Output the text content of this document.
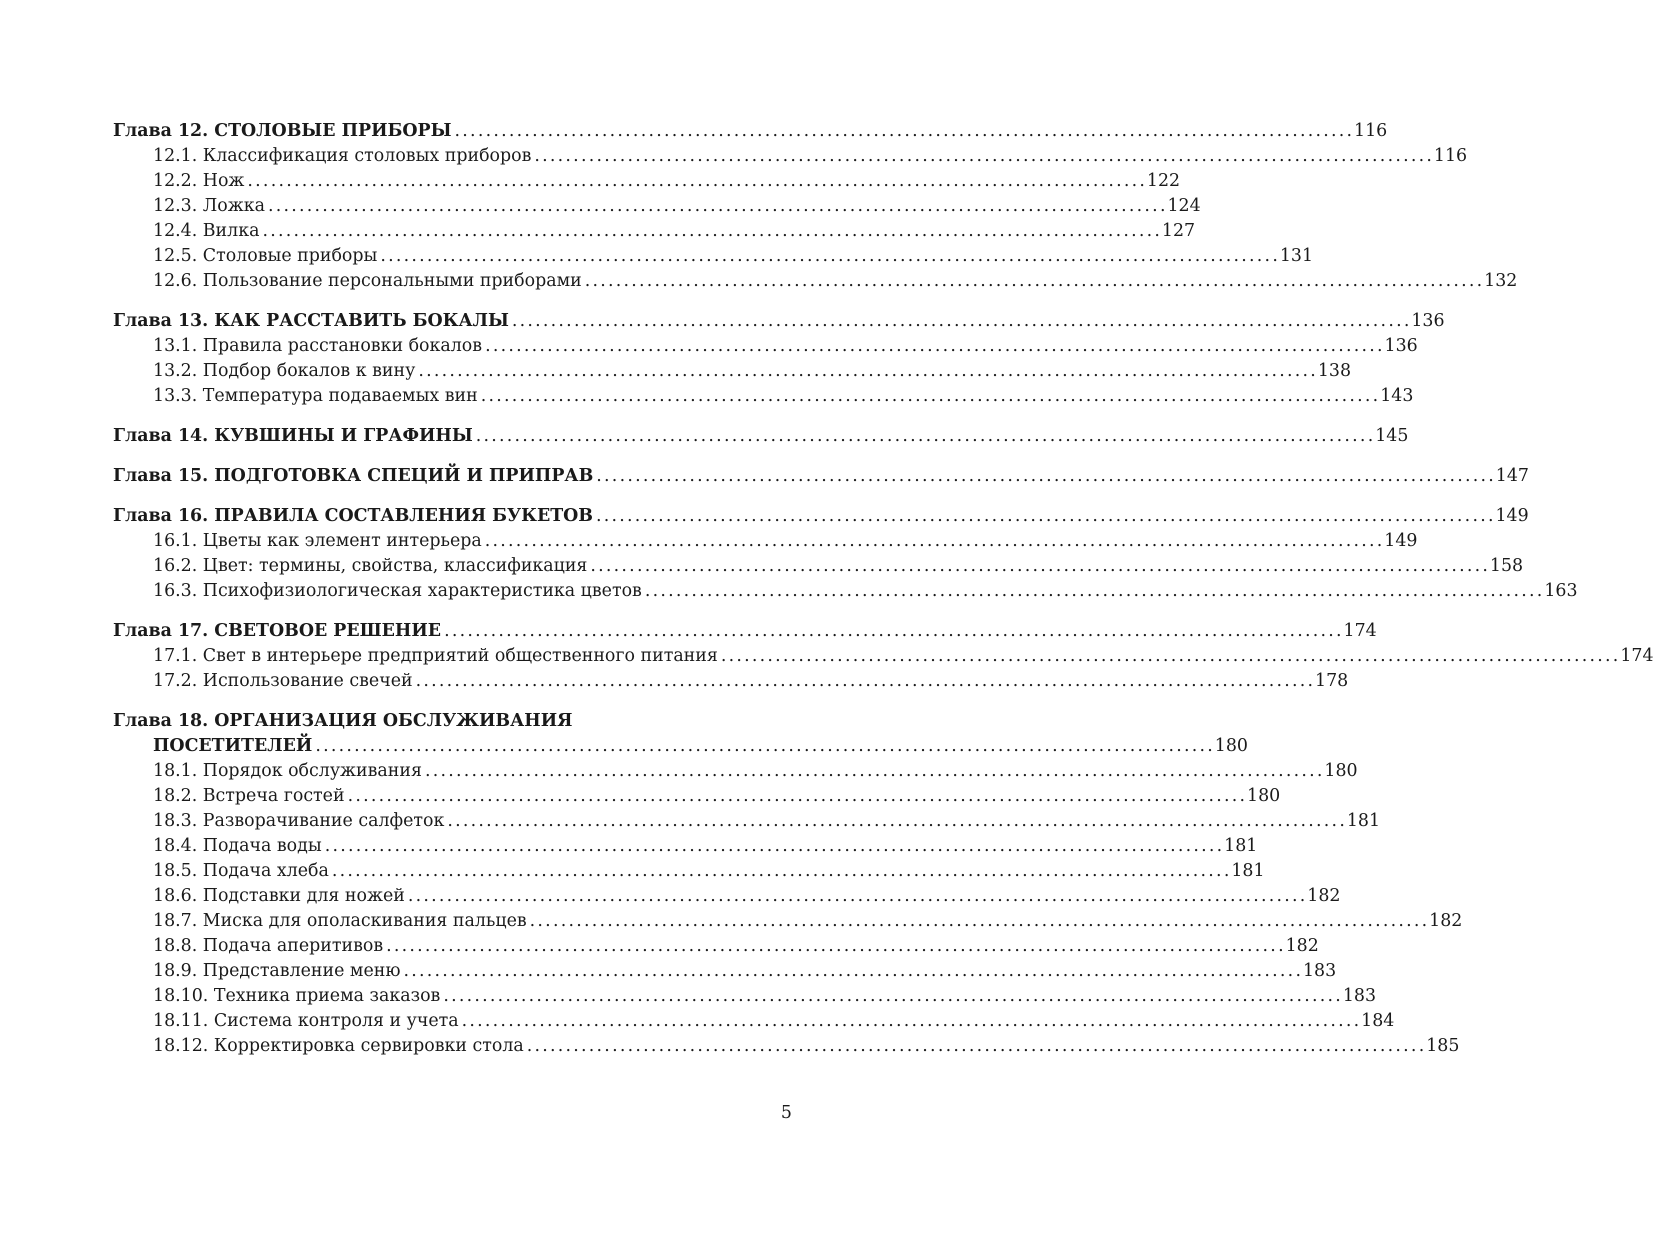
Глава 12. СТОЛОВЫЕ ПРИБОРЫ . . .	116
12.1. Классификация столовых приборов . . .	116
12.2. Нож . . .	122
12.3. Ложка . . .	124
12.4. Вилка . . .	127
12.5. Столовые приборы . . .	131
12.6. Пользование персональными приборами . . .	132
Глава 13. КАК РАССТАВИТЬ БОКАЛЫ . . .	136
13.1. Правила расстановки бокалов . . .	136
13.2. Подбор бокалов к вину . . .	138
13.3. Температура подаваемых вин . . .	143
Глава 14. КУВШИНЫ И ГРАФИНЫ . . .	145
Глава 15. ПОДГОТОВКА СПЕЦИЙ И ПРИПРАВ . . .	147
Глава 16. ПРАВИЛА СОСТАВЛЕНИЯ БУКЕТОВ . . .	149
16.1. Цветы как элемент интерьера . . .	149
16.2. Цвет: термины, свойства, классификация . . .	158
16.3. Психофизиологическая характеристика цветов . . .	163
Глава 17. СВЕТОВОЕ РЕШЕНИЕ . . .	174
17.1. Свет в интерьере предприятий общественного питания . . .	174
17.2. Использование свечей . . .	178
Глава 18. ОРГАНИЗАЦИЯ ОБСЛУЖИВАНИЯ
ПОСЕТИТЕЛЕЙ . . .	180
18.1. Порядок обслуживания . . .	180
18.2. Встреча гостей . . .	180
18.3. Разворачивание салфеток . . .	181
18.4. Подача воды . . .	181
18.5. Подача хлеба . . .	181
18.6. Подставки для ножей . . .	182
18.7. Миска для ополаскивания пальцев . . .	182
18.8. Подача аперитивов . . .	182
18.9. Представление меню . . .	183
18.10. Техника приема заказов . . .	183
18.11. Система контроля и учета . . .	184
18.12. Корректировка сервировки стола . . .	185
5
